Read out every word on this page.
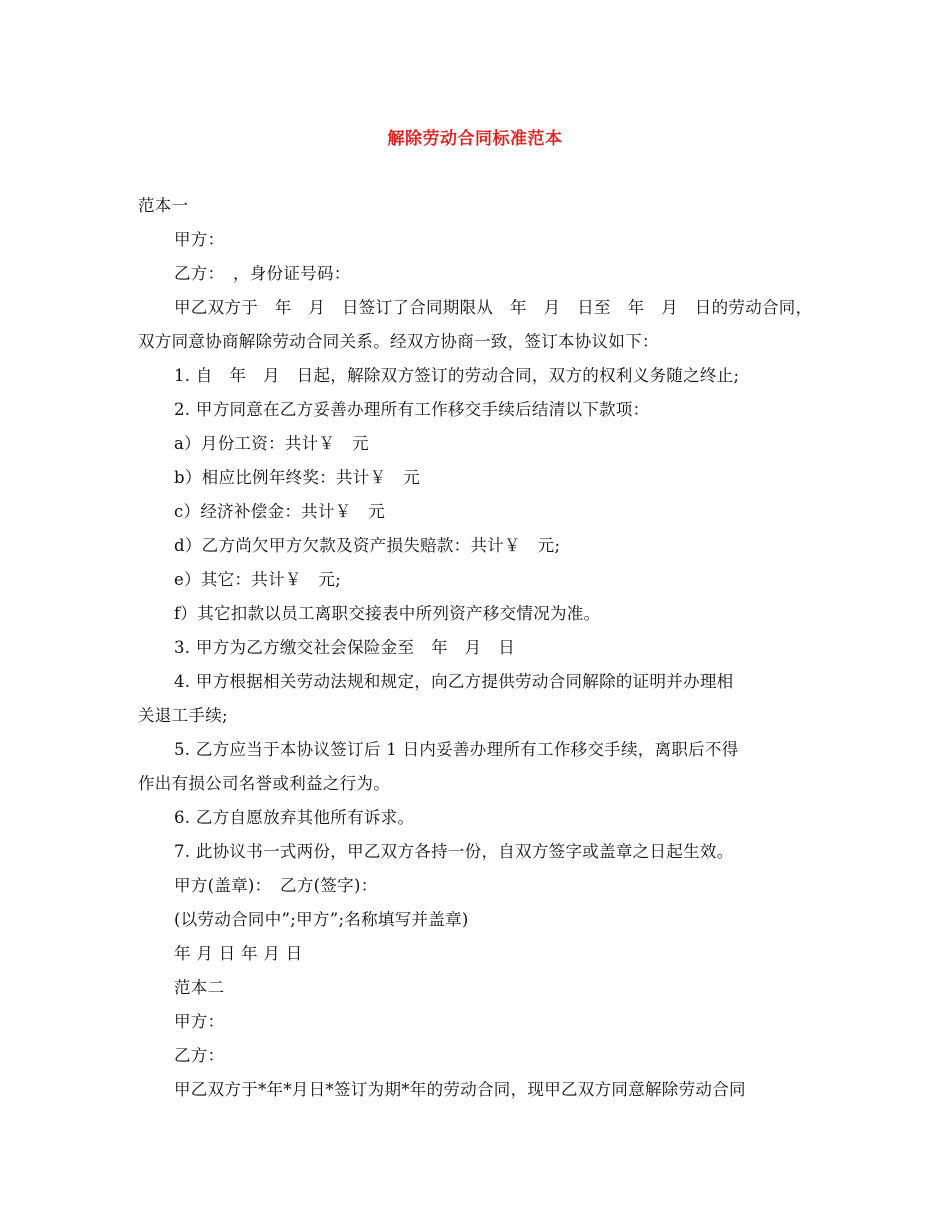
解除劳动合同标准范本
范本一
甲方：
乙方：　，身份证号码：
甲乙双方于　年　月　日签订了合同期限从　年　月　日至　年　月　日的劳动合同，
双方同意协商解除劳动合同关系。经双方协商一致，签订本协议如下：
1. 自　年　月　日起，解除双方签订的劳动合同，双方的权利义务随之终止;
2. 甲方同意在乙方妥善办理所有工作移交手续后结清以下款项：
a）月份工资：共计￥　元
b）相应比例年终奖：共计￥　元
c）经济补偿金：共计￥　元
d）乙方尚欠甲方欠款及资产损失赔款：共计￥　元;
e）其它：共计￥　元;
f）其它扣款以员工离职交接表中所列资产移交情况为准。
3. 甲方为乙方缴交社会保险金至　年　月　日
4. 甲方根据相关劳动法规和规定，向乙方提供劳动合同解除的证明并办理相
关退工手续;
5. 乙方应当于本协议签订后 1 日内妥善办理所有工作移交手续，离职后不得
作出有损公司名誉或利益之行为。
6. 乙方自愿放弃其他所有诉求。
7. 此协议书一式两份，甲乙双方各持一份，自双方签字或盖章之日起生效。
甲方(盖章)：　乙方(签字)：
(以劳动合同中”;甲方”;名称填写并盖章)
年 月 日 年 月 日
范本二
甲方：
乙方：
甲乙双方于*年*月日*签订为期*年的劳动合同，现甲乙双方同意解除劳动合同
